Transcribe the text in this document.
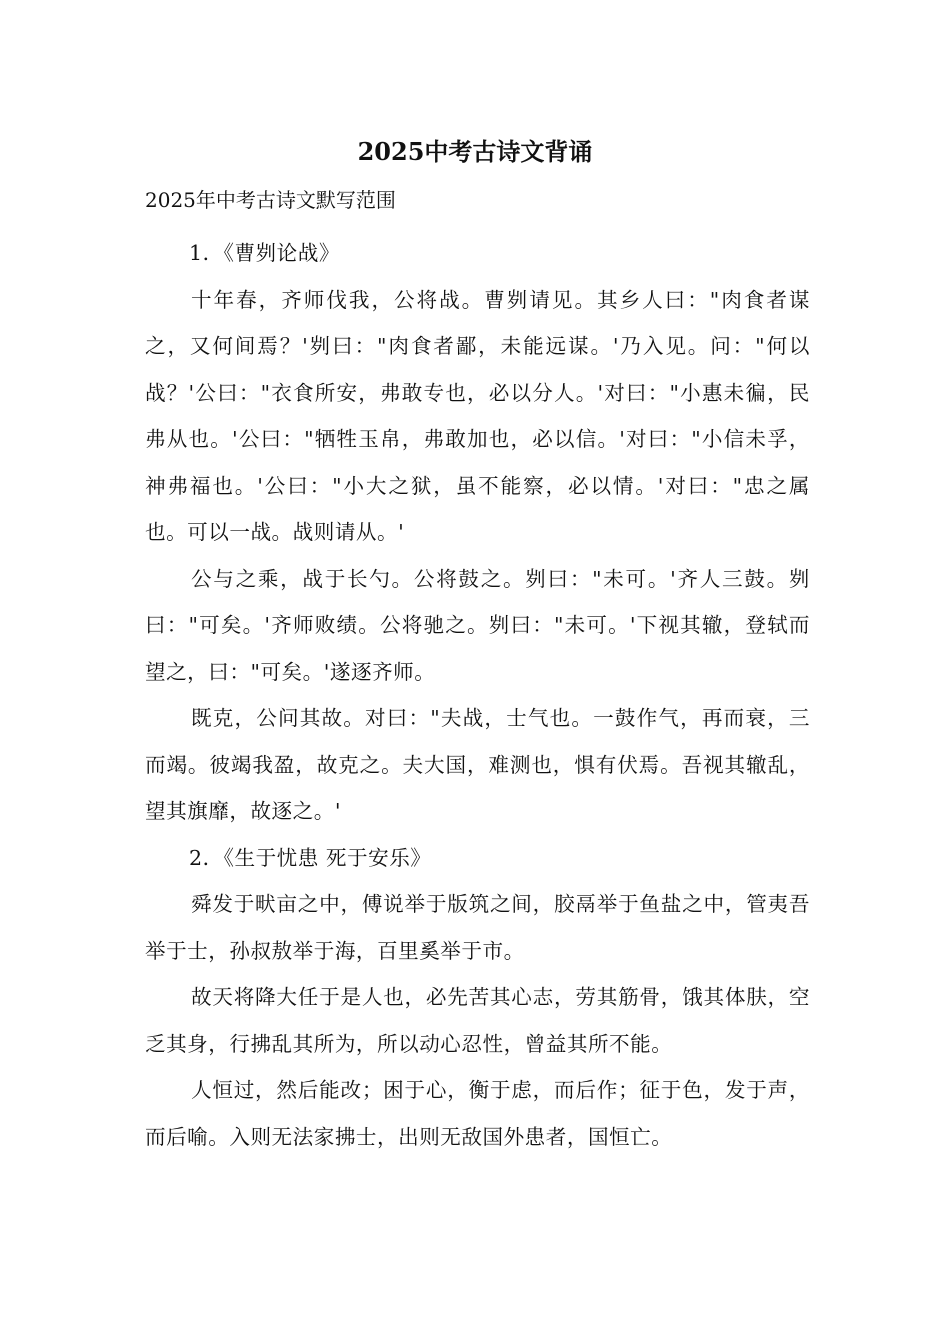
2025中考古诗文背诵
2025年中考古诗文默写范围

1．《曹刿论战》

十年春，齐师伐我，公将战。曹刿请见。其乡人曰："肉食者谋之，又何间焉？'刿曰："肉食者鄙，未能远谋。'乃入见。问："何以战？'公曰："衣食所安，弗敢专也，必以分人。'对曰："小惠未徧，民弗从也。'公曰："牺牲玉帛，弗敢加也，必以信。'对曰："小信未孚，神弗福也。'公曰："小大之狱，虽不能察，必以情。'对曰："忠之属也。可以一战。战则请从。'

公与之乘，战于长勺。公将鼓之。刿曰："未可。'齐人三鼓。刿曰："可矣。'齐师败绩。公将驰之。刿曰："未可。'下视其辙，登轼而望之，曰："可矣。'遂逐齐师。

既克，公问其故。对曰："夫战，士气也。一鼓作气，再而衰，三而竭。彼竭我盈，故克之。夫大国，难测也，惧有伏焉。吾视其辙乱，望其旗靡，故逐之。'

2．《生于忧患 死于安乐》

舜发于畎亩之中，傅说举于版筑之间，胶鬲举于鱼盐之中，管夷吾举于士，孙叔敖举于海，百里奚举于市。

故天将降大任于是人也，必先苦其心志，劳其筋骨，饿其体肤，空乏其身，行拂乱其所为，所以动心忍性，曾益其所不能。

人恒过，然后能改；困于心，衡于虑，而后作；征于色，发于声，而后喻。入则无法家拂士，出则无敌国外患者，国恒亡。
